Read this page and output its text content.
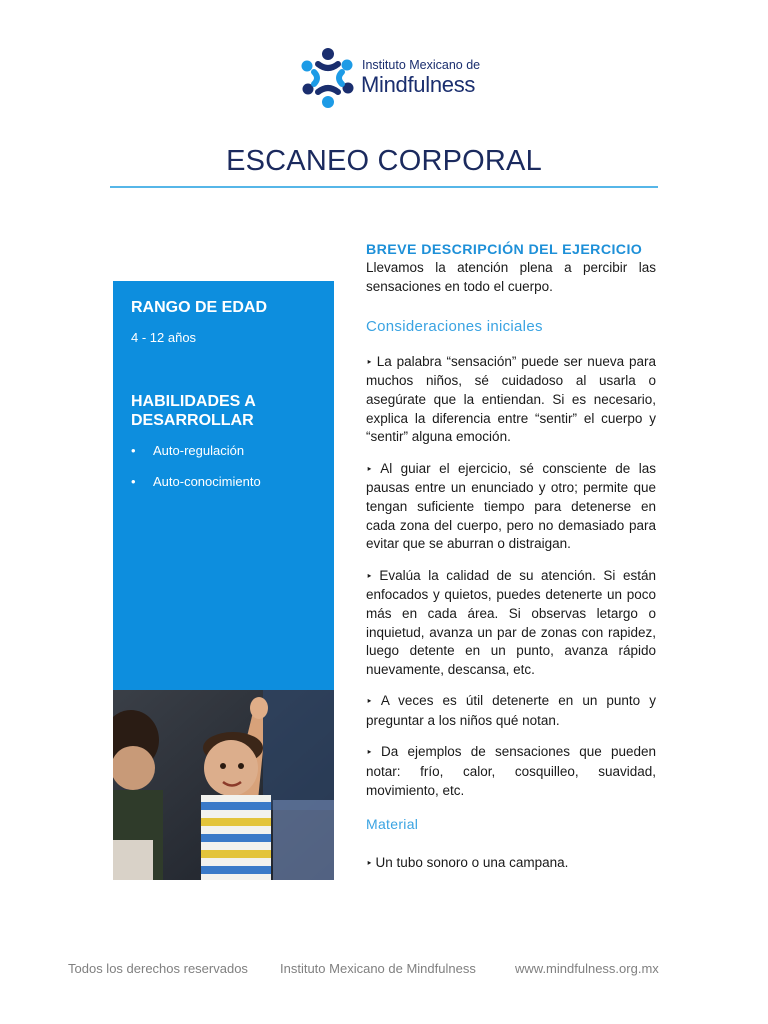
Instituto Mexicano de
Mindfulness
ESCANEO CORPORAL
RANGO DE EDAD
4 - 12 años
HABILIDADES A DESARROLLAR
• Auto-regulación
• Auto-conocimiento

BREVE DESCRIPCIÓN DEL EJERCICIO

Llevamos la atención plena a percibir las sensaciones en todo el cuerpo.

Consideraciones iniciales

‣ La palabra “sensación” puede ser nueva para muchos niños, sé cuidadoso al usarla o asegúrate que la entiendan. Si es necesario, explica la diferencia entre “sentir” el cuerpo y “sentir” alguna emoción.

‣ Al guiar el ejercicio, sé consciente de las pausas entre un enunciado y otro; permite que tengan suficiente tiempo para detenerse en cada zona del cuerpo, pero no demasiado para evitar que se aburran o distraigan.

‣ Evalúa la calidad de su atención. Si están enfocados y quietos, puedes detenerte un poco más en cada área. Si observas letargo o inquietud, avanza un par de zonas con rapidez, luego detente en un punto, avanza rápido nuevamente, descansa, etc.

‣ A veces es útil detenerte en un punto y preguntar a los niños qué notan.

‣ Da ejemplos de sensaciones que pueden notar: frío, calor, cosquilleo, suavidad, movimiento, etc.

Material

‣ Un tubo sonoro o una campana.

Todos los derechos reservados Instituto Mexicano de Mindfulness	www.mindfulness.org.mx
